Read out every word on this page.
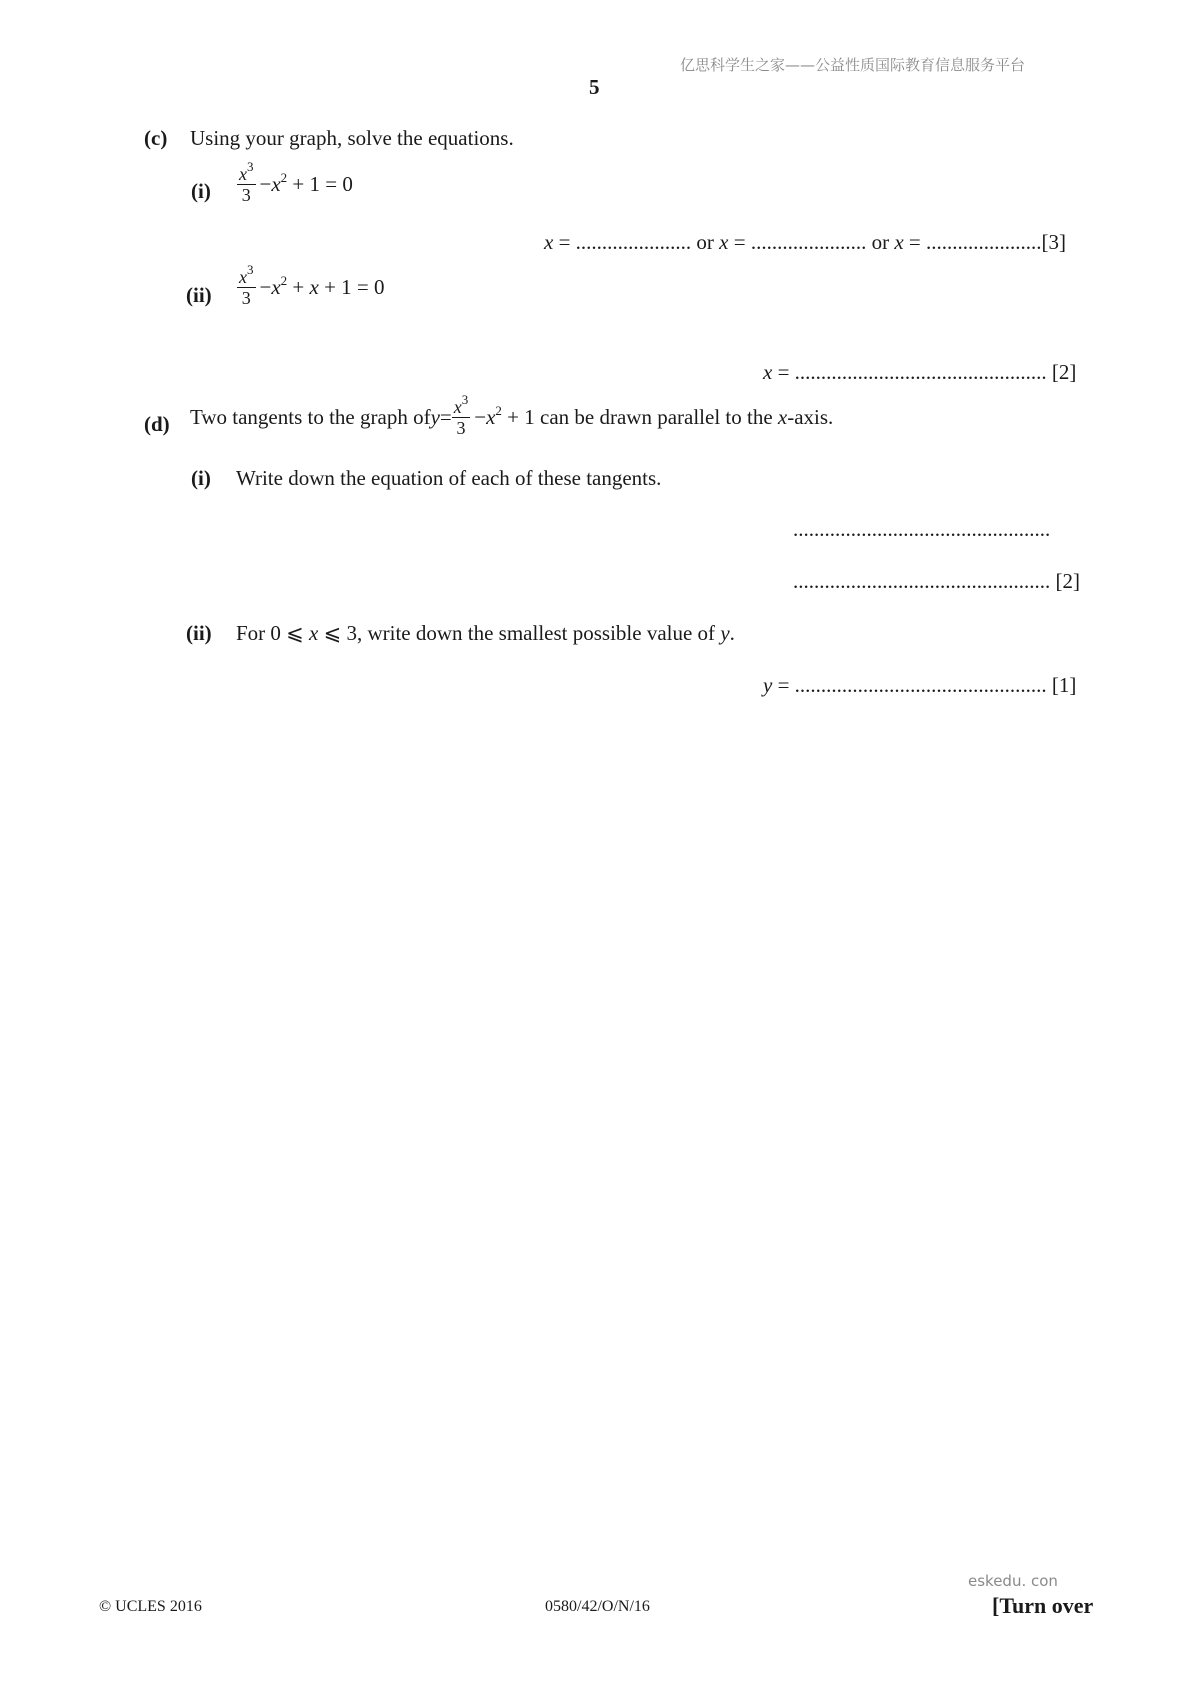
亿思科学生之家——公益性质国际教育信息服务平台
5
(c) Using your graph, solve the equations.
$(i) \frac{x^3}{3} -x^2 + 1 = 0$
x = ...................... or x = ...................... or x = ......................[3]
$(ii) \frac{x^3}{3} -x^2 + x + 1 = 0$
x = ................................................ [2]
(d) Two tangents to the graph of $y = \frac{x^3}{3} -x^2 + 1$ can be drawn parallel to the x-axis.
(i) Write down the equation of each of these tangents.
.................................................
................................................. [2]
(ii) For 0 ⩽ x ⩽ 3, write down the smallest possible value of y.
y = ................................................ [1]
eskedu. con
© UCLES 2016	0580/42/O/N/16	[Turn over
